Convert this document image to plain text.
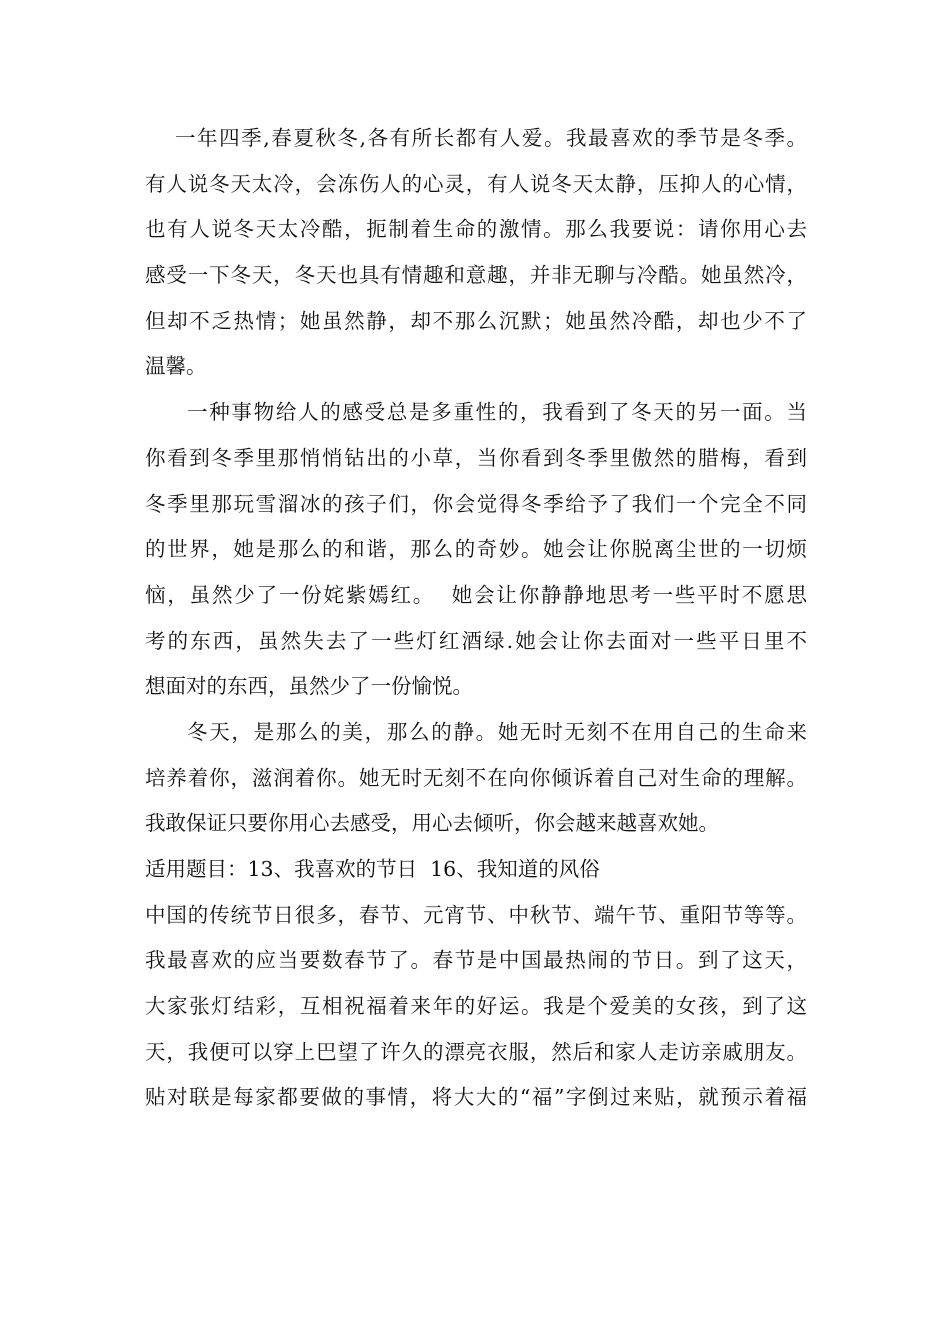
一年四季,春夏秋冬,各有所长都有人爱。我最喜欢的季节是冬季。
有人说冬天太冷，会冻伤人的心灵，有人说冬天太静，压抑人的心情，
也有人说冬天太冷酷，扼制着生命的激情。那么我要说：请你用心去
感受一下冬天，冬天也具有情趣和意趣，并非无聊与冷酷。她虽然冷，
但却不乏热情；她虽然静，却不那么沉默；她虽然冷酷，却也少不了
温馨。
一种事物给人的感受总是多重性的，我看到了冬天的另一面。当
你看到冬季里那悄悄钻出的小草，当你看到冬季里傲然的腊梅，看到
冬季里那玩雪溜冰的孩子们，你会觉得冬季给予了我们一个完全不同
的世界，她是那么的和谐，那么的奇妙。她会让你脱离尘世的一切烦
恼，虽然少了一份姹紫嫣红。  她会让你静静地思考一些平时不愿思
考的东西，虽然失去了一些灯红酒绿.她会让你去面对一些平日里不
想面对的东西，虽然少了一份愉悦。
冬天，是那么的美，那么的静。她无时无刻不在用自己的生命来
培养着你，滋润着你。她无时无刻不在向你倾诉着自己对生命的理解。
我敢保证只要你用心去感受，用心去倾听，你会越来越喜欢她。
适用题目：13、我喜欢的节日  16、我知道的风俗
中国的传统节日很多，春节、元宵节、中秋节、端午节、重阳节等等。
我最喜欢的应当要数春节了。春节是中国最热闹的节日。到了这天，
大家张灯结彩，互相祝福着来年的好运。我是个爱美的女孩，到了这
天，我便可以穿上巴望了许久的漂亮衣服，然后和家人走访亲戚朋友。
贴对联是每家都要做的事情，将大大的“福”字倒过来贴，就预示着福
